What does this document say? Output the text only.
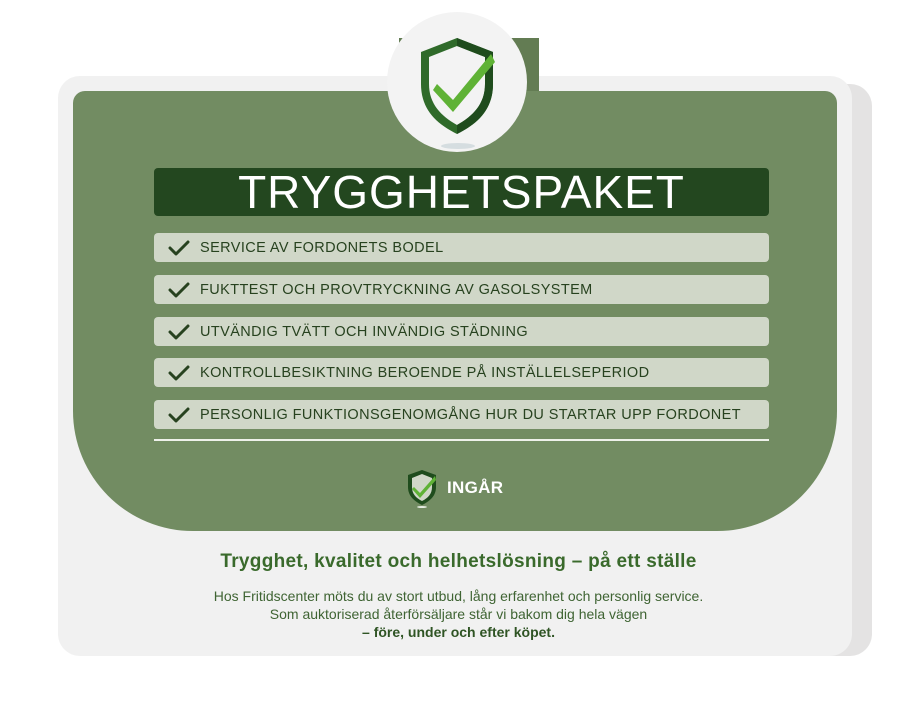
TRYGGHETSPAKET
SERVICE AV FORDONETS BODEL
FUKTTEST OCH PROVTRYCKNING AV GASOLSYSTEM
UTVÄNDIG TVÄTT OCH INVÄNDIG STÄDNING
KONTROLLBESIKTNING BEROENDE PÅ INSTÄLLELSEPERIOD
PERSONLIG FUNKTIONSGENOMGÅNG HUR DU STARTAR UPP FORDONET
INGÅR
Trygghet, kvalitet och helhetslösning – på ett ställe
Hos Fritidscenter möts du av stort utbud, lång erfarenhet och personlig service.
Som auktoriserad återförsäljare står vi bakom dig hela vägen
– före, under och efter köpet.
